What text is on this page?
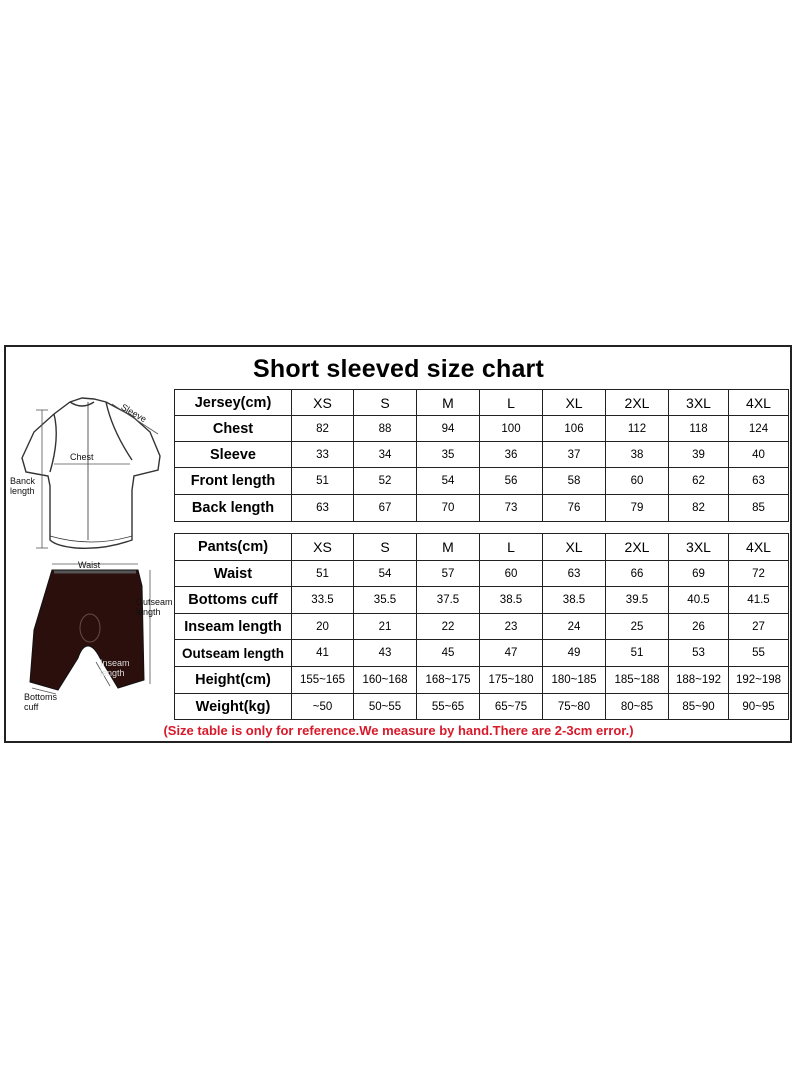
Short sleeved size chart
Sleeve
Chest
Banck
length
Waist
Outseam
length
Inseam
length
Bottoms
cuff
Jersey(cm)	XS	S	M	L	XL	2XL	3XL	4XL
Chest	82	88	94	100	106	112	118	124
Sleeve	33	34	35	36	37	38	39	40
Front length	51	52	54	56	58	60	62	63
Back length	63	67	70	73	76	79	82	85
Pants(cm)	XS	S	M	L	XL	2XL	3XL	4XL
Waist	51	54	57	60	63	66	69	72
Bottoms cuff	33.5	35.5	37.5	38.5	38.5	39.5	40.5	41.5
Inseam length	20	21	22	23	24	25	26	27
Outseam length	41	43	45	47	49	51	53	55
Height(cm)	155~165	160~168	168~175	175~180	180~185	185~188	188~192	192~198
Weight(kg)	~50	50~55	55~65	65~75	75~80	80~85	85~90	90~95
(Size table is only for reference.We measure by hand.There are 2-3cm error.)
